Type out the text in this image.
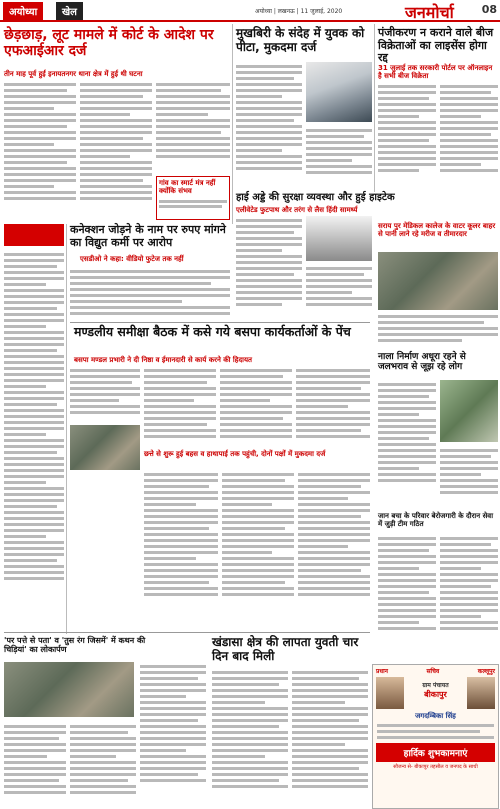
अयोध्या	खेल	अयोध्या | लखनऊ | 11 जुलाई, 2020	जनमोर्चा	08
छेड़छाड़, लूट मामले में कोर्ट के आदेश पर एफआईआर दर्ज
तीन माह पूर्व हुई इनायतनगर थाना क्षेत्र में हुई थी घटना
गांव का स्मार्ट मंत्र नहीं क्योंकि संभव
कनेक्शन जोड़ने के नाम पर रुपए मांगने का विद्युत कर्मी पर आरोप
एसडीओ ने कहा: वीडियो फुटेज तक नहीं
मण्डलीय समीक्षा बैठक में कसे गये बसपा कार्यकर्ताओं के पेंच
बसपा मण्डल प्रभारी ने दी निष्ठा व ईमानदारी से कार्य करने की हिदायत
छत्ते से शुरू हुई बहस व हाथापाई तक पहुंची, दोनों पक्षों में मुकदमा दर्ज
'पर पत्ते से पता' व 'तुस रंग जिसमें' में कथन की चिड़ियां' का लोकार्पण
खंडासा क्षेत्र की लापता युवती चार दिन बाद मिली
मुखबिरी के संदेह में युवक को पीटा, मुकदमा दर्ज
हाई अड्डे की सुरक्षा व्यवस्था और हुई हाइटेक
एलीवेटेड फुटपाथ और तरंग से लैस हिंदी सामर्थ्य
पंजीकरण न कराने वाले बीज विक्रेताओं का लाइसेंस होगा रद्द
31 जुलाई तक सरकारी पोर्टल पर ऑनलाइन है सभी बीज विक्रेता
सराय पुर मेडिकल कालेज के वाटर कूलर बाहर से पानी लाने रहे मरीज व तीमारदार
नाला निर्माण अधूरा रहने से जलभराव से जूझ रहे लोग
जान बचा के परिवार बेरोजगारी के दौरान सेवा में जुड़ी टीम गठित
प्रधान	सचिव	कल्लूपुर
ग्राम पंचायत
बीकापुर
जगदम्बिका सिंह
हार्दिक शुभकामनाएं
सौजन्य से- बीकापुर तहसील व जनपद के साथी
